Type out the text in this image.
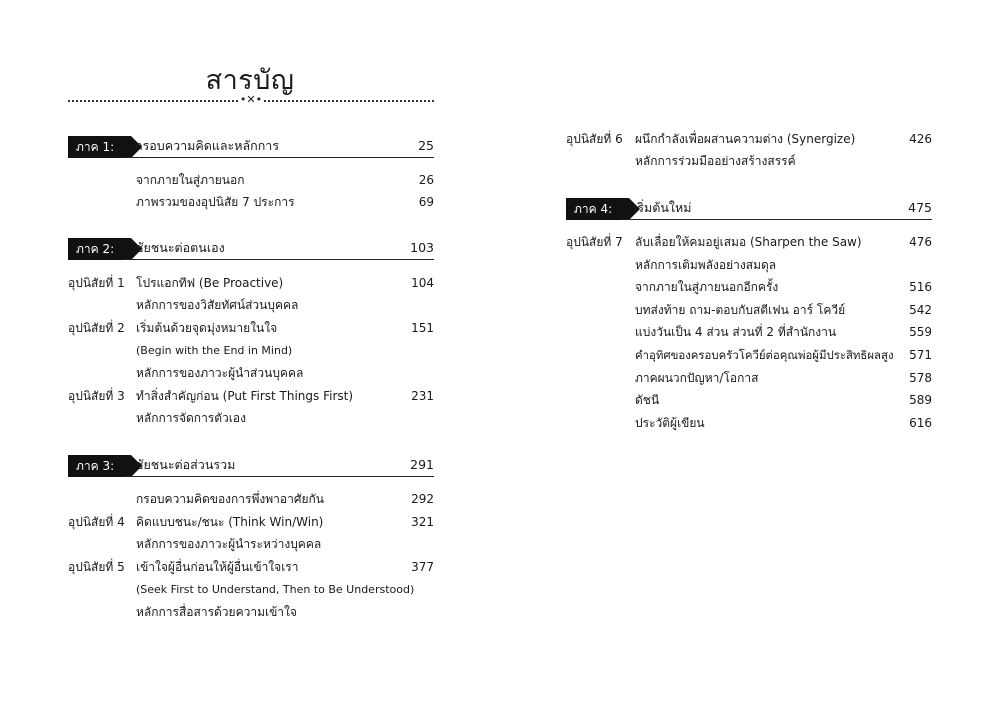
สารบัญ
•✕•
ภาค 1:	กรอบความคิดและหลักการ	25
จากภายในสู่ภายนอก	26
ภาพรวมของอุปนิสัย 7 ประการ	69
ภาค 2:	ชัยชนะต่อตนเอง	103
อุปนิสัยที่ 1 โปรแอกทีฟ (Be Proactive)	104
หลักการของวิสัยทัศน์ส่วนบุคคล
อุปนิสัยที่ 2 เริ่มต้นด้วยจุดมุ่งหมายในใจ	151
(Begin with the End in Mind)
หลักการของภาวะผู้นำส่วนบุคคล
อุปนิสัยที่ 3 ทำสิ่งสำคัญก่อน (Put First Things First)	231
หลักการจัดการตัวเอง
ภาค 3:	ชัยชนะต่อส่วนรวม	291
กรอบความคิดของการพึ่งพาอาศัยกัน	292
อุปนิสัยที่ 4 คิดแบบชนะ/ชนะ (Think Win/Win)	321
หลักการของภาวะผู้นำระหว่างบุคคล
อุปนิสัยที่ 5 เข้าใจผู้อื่นก่อนให้ผู้อื่นเข้าใจเรา	377
(Seek First to Understand, Then to Be Understood)
หลักการสื่อสารด้วยความเข้าใจ
อุปนิสัยที่ 6 ผนึกกำลังเพื่อผสานความต่าง (Synergize)	426
หลักการร่วมมืออย่างสร้างสรรค์
ภาค 4:	เริ่มต้นใหม่	475
อุปนิสัยที่ 7 ลับเลื่อยให้คมอยู่เสมอ (Sharpen the Saw)	476
หลักการเติมพลังอย่างสมดุล
จากภายในสู่ภายนอกอีกครั้ง	516
บทส่งท้าย ถาม-ตอบกับสตีเฟน อาร์ โควีย์	542
แบ่งวันเป็น 4 ส่วน ส่วนที่ 2 ที่สำนักงาน	559
คำอุทิศของครอบครัวโควีย์ต่อคุณพ่อผู้มีประสิทธิผลสูง 571
ภาคผนวกปัญหา/โอกาส	578
ดัชนี	589
ประวัติผู้เขียน	616
